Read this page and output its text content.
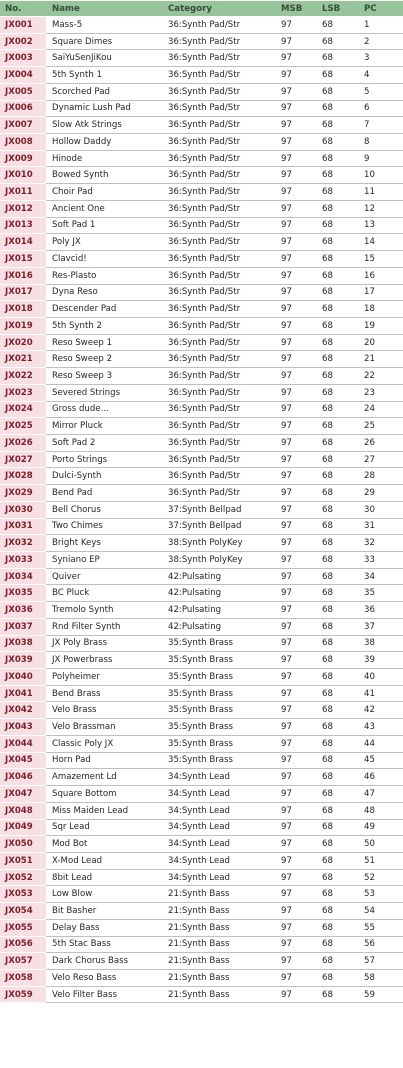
No.	Name	Category	MSB	LSB	PC
JX001	Mass-5	36:Synth Pad/Str	97	68	1
JX002	Square Dimes	36:Synth Pad/Str	97	68	2
JX003	SaiYuSenJiKou	36:Synth Pad/Str	97	68	3
JX004	5th Synth 1	36:Synth Pad/Str	97	68	4
JX005	Scorched Pad	36:Synth Pad/Str	97	68	5
JX006	Dynamic Lush Pad	36:Synth Pad/Str	97	68	6
JX007	Slow Atk Strings	36:Synth Pad/Str	97	68	7
JX008	Hollow Daddy	36:Synth Pad/Str	97	68	8
JX009	Hinode	36:Synth Pad/Str	97	68	9
JX010	Bowed Synth	36:Synth Pad/Str	97	68	10
JX011	Choir Pad	36:Synth Pad/Str	97	68	11
JX012	Ancient One	36:Synth Pad/Str	97	68	12
JX013	Soft Pad 1	36:Synth Pad/Str	97	68	13
JX014	Poly JX	36:Synth Pad/Str	97	68	14
JX015	Clavcid!	36:Synth Pad/Str	97	68	15
JX016	Res-Plasto	36:Synth Pad/Str	97	68	16
JX017	Dyna Reso	36:Synth Pad/Str	97	68	17
JX018	Descender Pad	36:Synth Pad/Str	97	68	18
JX019	5th Synth 2	36:Synth Pad/Str	97	68	19
JX020	Reso Sweep 1	36:Synth Pad/Str	97	68	20
JX021	Reso Sweep 2	36:Synth Pad/Str	97	68	21
JX022	Reso Sweep 3	36:Synth Pad/Str	97	68	22
JX023	Severed Strings	36:Synth Pad/Str	97	68	23
JX024	Gross dude...	36:Synth Pad/Str	97	68	24
JX025	Mirror Pluck	36:Synth Pad/Str	97	68	25
JX026	Soft Pad 2	36:Synth Pad/Str	97	68	26
JX027	Porto Strings	36:Synth Pad/Str	97	68	27
JX028	Dulci-Synth	36:Synth Pad/Str	97	68	28
JX029	Bend Pad	36:Synth Pad/Str	97	68	29
JX030	Bell Chorus	37:Synth Bellpad	97	68	30
JX031	Two Chimes	37:Synth Bellpad	97	68	31
JX032	Bright Keys	38:Synth PolyKey	97	68	32
JX033	Syniano EP	38:Synth PolyKey	97	68	33
JX034	Quiver	42:Pulsating	97	68	34
JX035	BC Pluck	42:Pulsating	97	68	35
JX036	Tremolo Synth	42:Pulsating	97	68	36
JX037	Rnd Filter Synth	42:Pulsating	97	68	37
JX038	JX Poly Brass	35:Synth Brass	97	68	38
JX039	JX Powerbrass	35:Synth Brass	97	68	39
JX040	Polyheimer	35:Synth Brass	97	68	40
JX041	Bend Brass	35:Synth Brass	97	68	41
JX042	Velo Brass	35:Synth Brass	97	68	42
JX043	Velo Brassman	35:Synth Brass	97	68	43
JX044	Classic Poly JX	35:Synth Brass	97	68	44
JX045	Horn Pad	35:Synth Brass	97	68	45
JX046	Amazement Ld	34:Synth Lead	97	68	46
JX047	Square Bottom	34:Synth Lead	97	68	47
JX048	Miss Maiden Lead	34:Synth Lead	97	68	48
JX049	Sqr Lead	34:Synth Lead	97	68	49
JX050	Mod Bot	34:Synth Lead	97	68	50
JX051	X-Mod Lead	34:Synth Lead	97	68	51
JX052	8bit Lead	34:Synth Lead	97	68	52
JX053	Low Blow	21:Synth Bass	97	68	53
JX054	Bit Basher	21:Synth Bass	97	68	54
JX055	Delay Bass	21:Synth Bass	97	68	55
JX056	5th Stac Bass	21:Synth Bass	97	68	56
JX057	Dark Chorus Bass	21:Synth Bass	97	68	57
JX058	Velo Reso Bass	21:Synth Bass	97	68	58
JX059	Velo Filter Bass	21:Synth Bass	97	68	59
